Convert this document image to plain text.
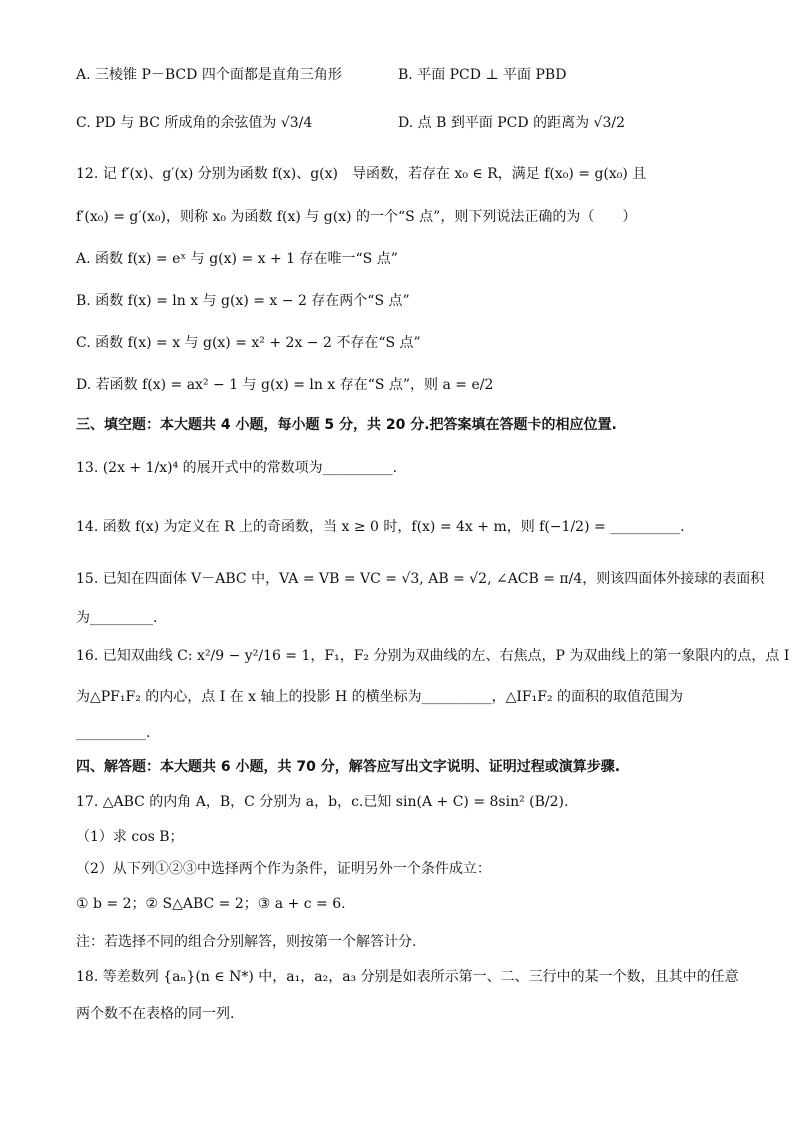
A. 三棱锥 P－BCD 四个面都是直角三角形	B. 平面 PCD ⊥ 平面 PBD
C. PD 与 BC 所成角的余弦值为 √3/4	D. 点 B 到平面 PCD 的距离为 √3/2
12. 记 f′(x)、g′(x) 分别为函数 f(x)、g(x)　导函数，若存在 x₀ ∈ R，满足 f(x₀) = g(x₀) 且
f′(x₀) = g′(x₀)，则称 x₀ 为函数 f(x) 与 g(x) 的一个“S 点”，则下列说法正确的为（　　）
A. 函数 f(x) = eˣ 与 g(x) = x + 1 存在唯一“S 点”
B. 函数 f(x) = ln x 与 g(x) = x − 2 存在两个“S 点”
C. 函数 f(x) = x 与 g(x) = x² + 2x − 2 不存在“S 点”
D. 若函数 f(x) = ax² − 1 与 g(x) = ln x 存在“S 点”，则 a = e/2
三、填空题：本大题共 4 小题，每小题 5 分，共 20 分.把答案填在答题卡的相应位置.
13. (2x + 1/x)⁴ 的展开式中的常数项为__________.
14. 函数 f(x) 为定义在 R 上的奇函数，当 x ≥ 0 时，f(x) = 4x + m，则 f(−1/2) = __________.
15. 已知在四面体 V－ABC 中，VA = VB = VC = √3, AB = √2, ∠ACB = π/4，则该四面体外接球的表面积
为_________.
16. 已知双曲线 C: x²/9 − y²/16 = 1，F₁，F₂ 分别为双曲线的左、右焦点，P 为双曲线上的第一象限内的点，点 I
为△PF₁F₂ 的内心，点 I 在 x 轴上的投影 H 的横坐标为__________，△IF₁F₂ 的面积的取值范围为
__________.
四、解答题：本大题共 6 小题，共 70 分，解答应写出文字说明、证明过程或演算步骤.
17. △ABC 的内角 A，B，C 分别为 a，b，c.已知 sin(A + C) = 8sin² (B/2).
（1）求 cos B；
（2）从下列①②③中选择两个作为条件，证明另外一个条件成立：
① b = 2；② S△ABC = 2；③ a + c = 6.
注：若选择不同的组合分别解答，则按第一个解答计分.
18. 等差数列 {aₙ}(n ∈ N*) 中，a₁，a₂，a₃ 分别是如表所示第一、二、三行中的某一个数，且其中的任意
两个数不在表格的同一列.
